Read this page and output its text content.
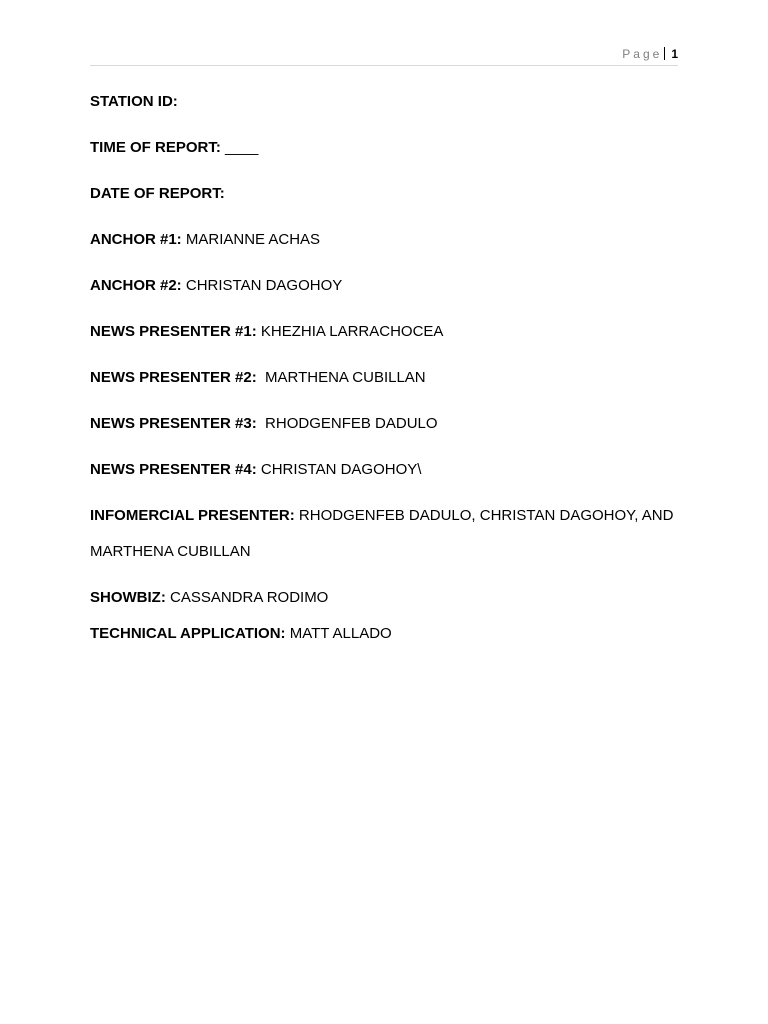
Page 1
STATION ID:
TIME OF REPORT: ____
DATE OF REPORT:
ANCHOR #1: MARIANNE ACHAS
ANCHOR #2: CHRISTAN DAGOHOY
NEWS PRESENTER #1: KHEZHIA LARRACHOCEA
NEWS PRESENTER #2:  MARTHENA CUBILLAN
NEWS PRESENTER #3:  RHODGENFEB DADULO
NEWS PRESENTER #4: CHRISTAN DAGOHOY\
INFOMERCIAL PRESENTER: RHODGENFEB DADULO, CHRISTAN DAGOHOY, AND MARTHENA CUBILLAN
SHOWBIZ: CASSANDRA RODIMO
TECHNICAL APPLICATION: MATT ALLADO
